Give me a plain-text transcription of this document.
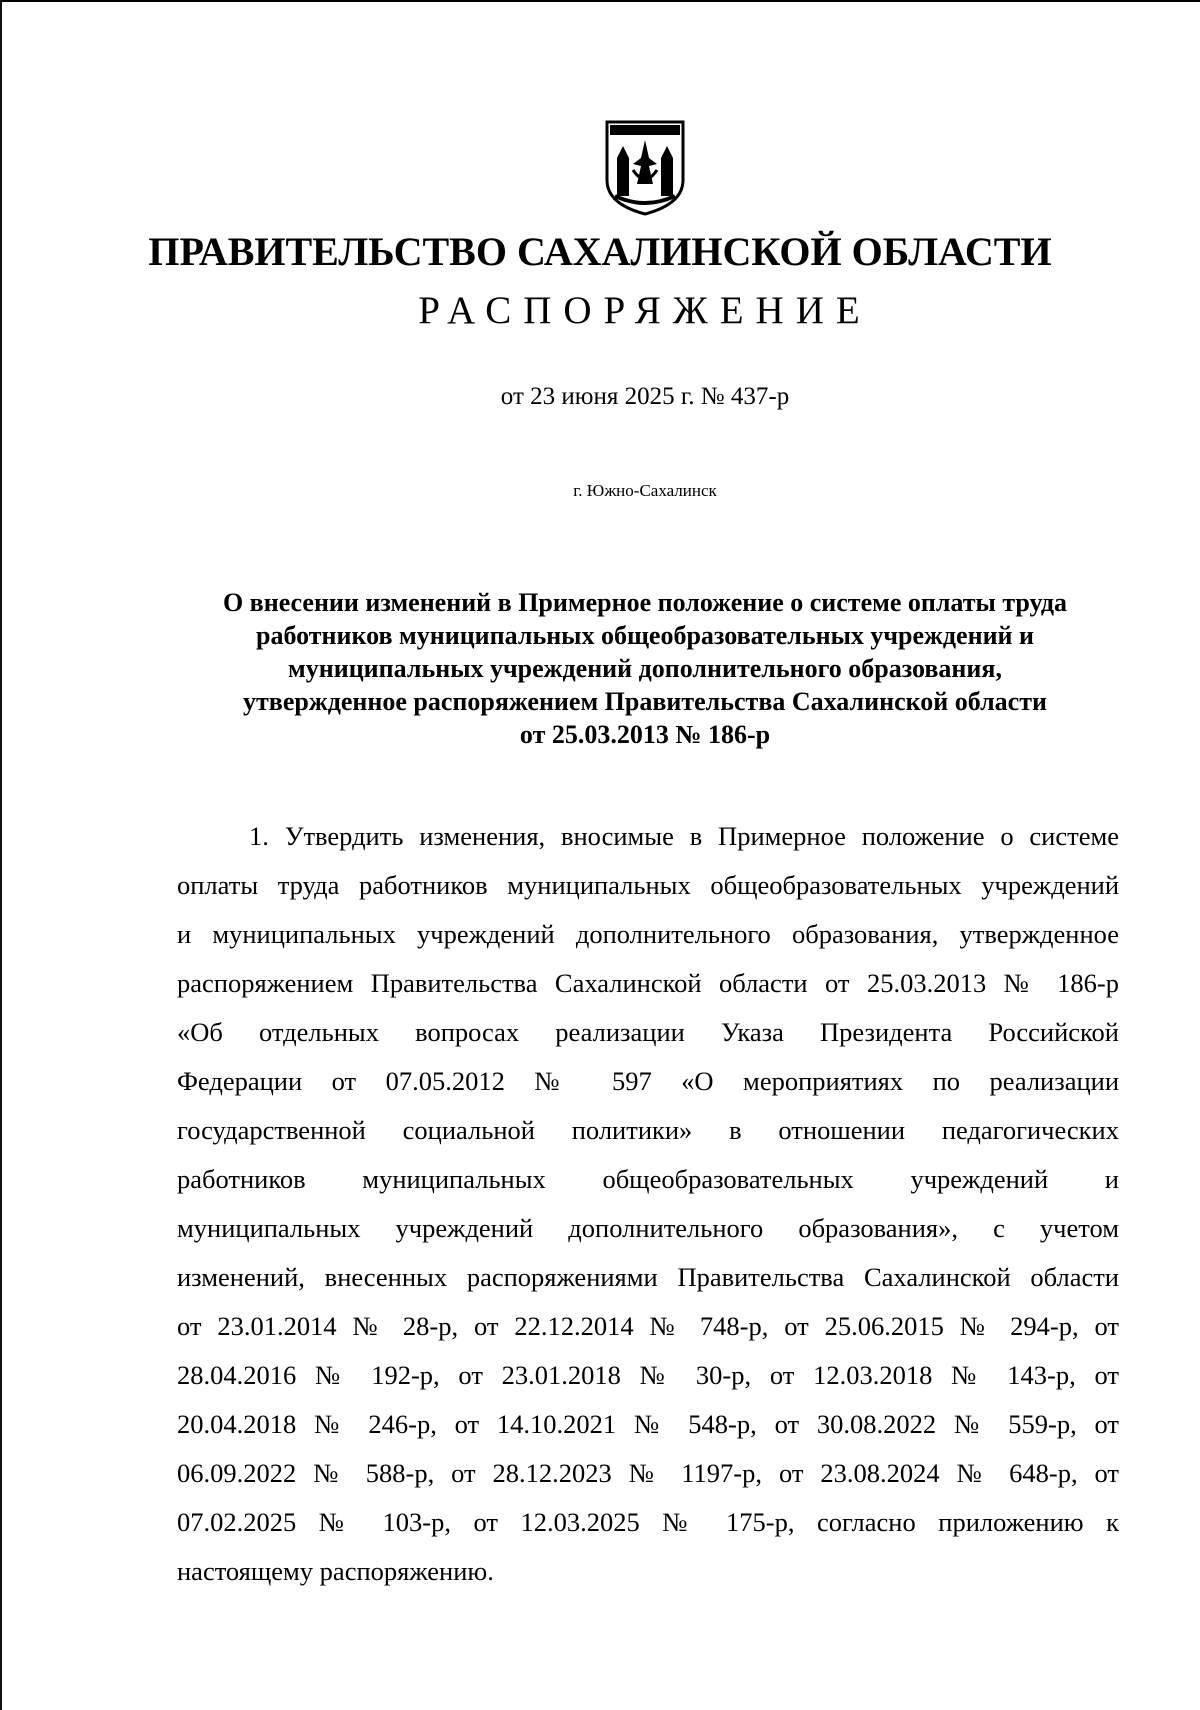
ПРАВИТЕЛЬСТВО САХАЛИНСКОЙ ОБЛАСТИ
РАСПОРЯЖЕНИЕ
от 23 июня 2025 г. № 437-р
г. Южно-Сахалинск
О внесении изменений в Примерное положение о системе оплаты труда
работников муниципальных общеобразовательных учреждений и
муниципальных учреждений дополнительного образования,
утвержденное распоряжением Правительства Сахалинской области
от 25.03.2013 № 186-р
1. Утвердить изменения, вносимые в Примерное положение о системе
оплаты труда работников муниципальных общеобразовательных учреждений
и муниципальных учреждений дополнительного образования, утвержденное
распоряжением Правительства Сахалинской области от 25.03.2013 № 186-р
«Об отдельных вопросах реализации Указа Президента Российской
Федерации от 07.05.2012 № 597 «О мероприятиях по реализации
государственной социальной политики» в отношении педагогических
работников муниципальных общеобразовательных учреждений и
муниципальных учреждений дополнительного образования», с учетом
изменений, внесенных распоряжениями Правительства Сахалинской области
от 23.01.2014 № 28-р, от 22.12.2014 № 748-р, от 25.06.2015 № 294-р, от
28.04.2016 № 192-р, от 23.01.2018 № 30-р, от 12.03.2018 № 143-р, от
20.04.2018 № 246-р, от 14.10.2021 № 548-р, от 30.08.2022 № 559-р, от
06.09.2022 № 588-р, от 28.12.2023 № 1197-р, от 23.08.2024 № 648-р, от
07.02.2025 № 103-р, от 12.03.2025 № 175-р, согласно приложению к
настоящему распоряжению.
